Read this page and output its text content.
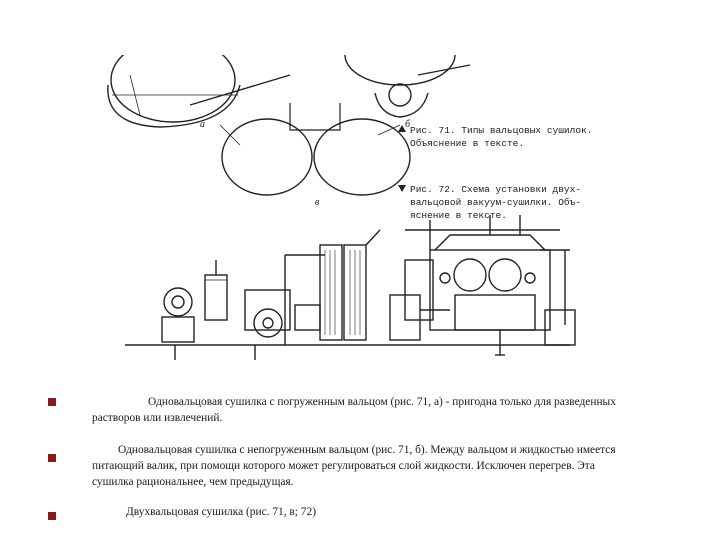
а	б
в
Рис. 71. Типы вальцовых сушилок.
Объяснение в тексте.
Рис. 72. Схема установки двух-
вальцовой вакуум-сушилки. Объ-
яснение в тексте.
Одновальцовая сушилка с погруженным вальцом (рис. 71, а) - пригодна только для разведенных
растворов или извлечений.
Одновальцовая сушилка с непогруженным вальцом (рис. 71, б). Между вальцом и жидкостью имеется
питающий валик, при помощи которого может регулироваться слой жидкости. Исключен перегрев. Эта
сушилка рациональнее, чем предыдущая.
Двухвальцовая сушилка (рис. 71, в; 72)
